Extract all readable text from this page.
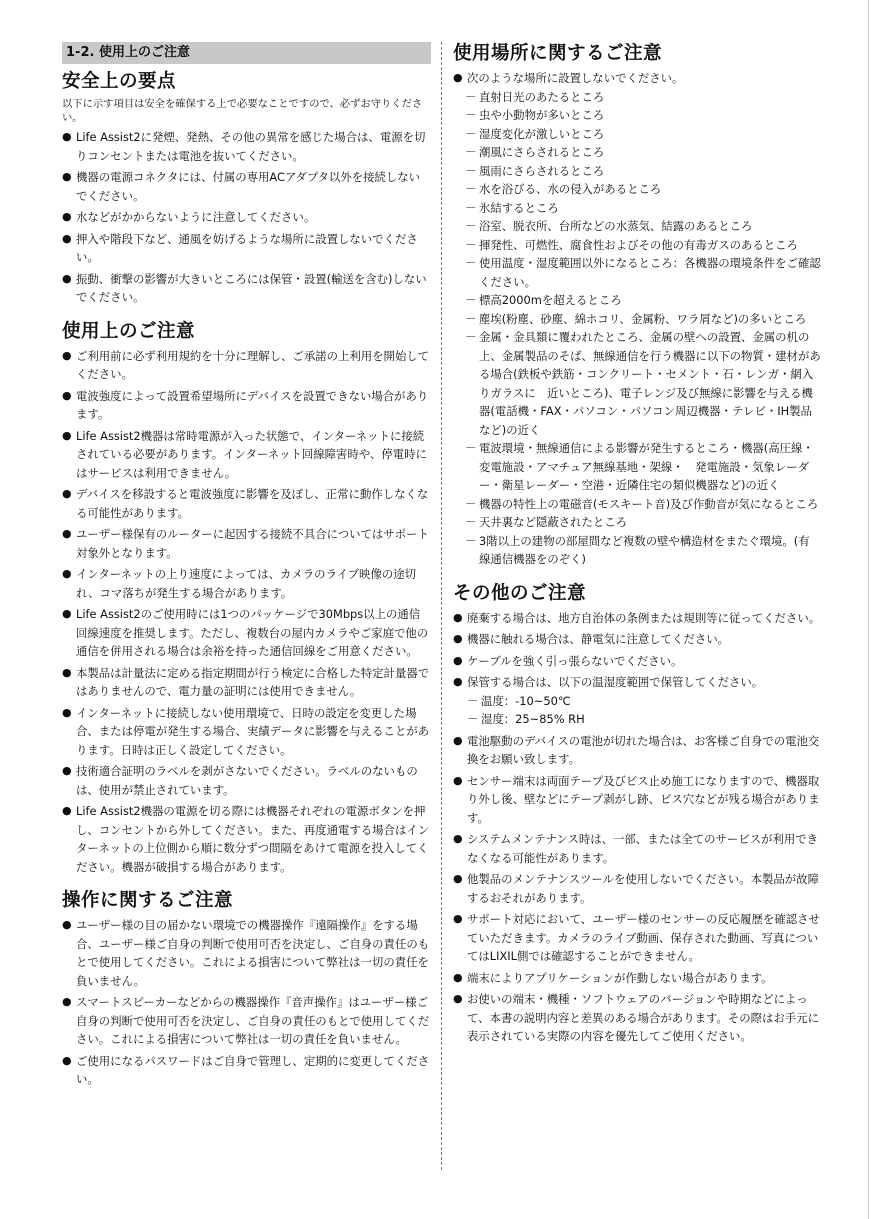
1-2. 使用上のご注意
安全上の要点

以下に示す項目は安全を確保する上で必要なことですので、必ずお守りください。

● Life Assist2に発煙、発熱、その他の異常を感じた場合は、電源を切りコンセントまたは電池を抜いてください。
● 機器の電源コネクタには、付属の専用ACアダプタ以外を接続しないでください。
● 水などがかからないように注意してください。
● 押入や階段下など、通風を妨げるような場所に設置しないでください。
● 振動、衝撃の影響が大きいところには保管・設置(輸送を含む)しないでください。
使用上のご注意
● ご利用前に必ず利用規約を十分に理解し、ご承諾の上利用を開始してください。
● 電波強度によって設置希望場所にデバイスを設置できない場合があります。
● Life Assist2機器は常時電源が入った状態で、インターネットに接続されている必要があります。インターネット回線障害時や、停電時にはサービスは利用できません。
● デバイスを移設すると電波強度に影響を及ぼし、正常に動作しなくなる可能性があります。
● ユーザー様保有のルーターに起因する接続不具合についてはサポート対象外となります。
● インターネットの上り速度によっては、カメラのライブ映像の途切れ、コマ落ちが発生する場合があります。
● Life Assist2のご使用時には1つのパッケージで30Mbps以上の通信回線速度を推奨します。ただし、複数台の屋内カメラやご家庭で他の通信を併用される場合は余裕を持った通信回線をご用意ください。
● 本製品は計量法に定める指定期間が行う検定に合格した特定計量器ではありませんので、電力量の証明には使用できません。
● インターネットに接続しない使用環境で、日時の設定を変更した場合、または停電が発生する場合、実績データに影響を与えることがあります。日時は正しく設定してください。
● 技術適合証明のラベルを剥がさないでください。ラベルのないものは、使用が禁止されています。
● Life Assist2機器の電源を切る際には機器それぞれの電源ボタンを押し、コンセントから外してください。また、再度通電する場合はインターネットの上位側から順に数分ずつ間隔をあけて電源を投入してください。機器が破損する場合があります。
操作に関するご注意
● ユーザー様の目の届かない環境での機器操作『遠隔操作』をする場合、ユーザー様ご自身の判断で使用可否を決定し、ご自身の責任のもとで使用してください。これによる損害について弊社は一切の責任を負いません。
● スマートスピーカーなどからの機器操作『音声操作』はユーザー様ご自身の判断で使用可否を決定し、ご自身の責任のもとで使用してください。これによる損害について弊社は一切の責任を負いません。
● ご使用になるパスワードはご自身で管理し、定期的に変更してください。
使用場所に関するご注意
● 次のような場所に設置しないでください。
－ 直射日光のあたるところ
－ 虫や小動物が多いところ
－ 湿度変化が激しいところ
－ 潮風にさらされるところ
－ 風雨にさらされるところ
－ 水を浴びる、水の侵入があるところ
－ 氷結するところ
－ 浴室、脱衣所、台所などの水蒸気、結露のあるところ
－ 揮発性、可燃性、腐食性およびその他の有毒ガスのあるところ
－ 使用温度・湿度範囲以外になるところ：各機器の環境条件をご確認ください。
－ 標高2000mを超えるところ
－ 塵埃(粉塵、砂塵、綿ホコリ、金属粉、ワラ屑など)の多いところ
－ 金属・金具類に覆われたところ、金属の壁への設置、金属の机の上、金属製品のそば、無線通信を行う機器に以下の物質・建材がある場合(鉄板や鉄筋・コンクリート・セメント・石・レンガ・網入りガラスに　近いところ)、電子レンジ及び無線に影響を与える機器(電話機・FAX・パソコン・パソコン周辺機器・テレビ・IH製品など)の近く
－ 電波環境・無線通信による影響が発生するところ・機器(高圧線・変電施設・アマチュア無線基地・架線・　発電施設・気象レーダー・衛星レーダー・空港・近隣住宅の類似機器など)の近く
－ 機器の特性上の電磁音(モスキート音)及び作動音が気になるところ
－ 天井裏など隠蔽されたところ
－ 3階以上の建物の部屋間など複数の壁や構造材をまたぐ環境。(有線通信機器をのぞく)
その他のご注意
● 廃棄する場合は、地方自治体の条例または規則等に従ってください。
● 機器に触れる場合は、静電気に注意してください。
● ケーブルを強く引っ張らないでください。
● 保管する場合は、以下の温湿度範囲で保管してください。
－ 温度：-10~50℃
－ 湿度：25~85% RH
● 電池駆動のデバイスの電池が切れた場合は、お客様ご自身での電池交換をお願い致します。
● センサー端末は両面テープ及びビス止め施工になりますので、機器取り外し後、壁などにテープ剥がし跡、ビス穴などが残る場合があります。
● システムメンテナンス時は、一部、または全てのサービスが利用できなくなる可能性があります。
● 他製品のメンテナンスツールを使用しないでください。本製品が故障するおそれがあります。
● サポート対応において、ユーザー様のセンサーの反応履歴を確認させていただきます。カメラのライブ動画、保存された動画、写真についてはLIXIL側では確認することができません。
● 端末によりアプリケーションが作動しない場合があります。
● お使いの端末・機種・ソフトウェアのバージョンや時期などによって、本書の説明内容と差異のある場合があります。その際はお手元に表示されている実際の内容を優先してご使用ください。
